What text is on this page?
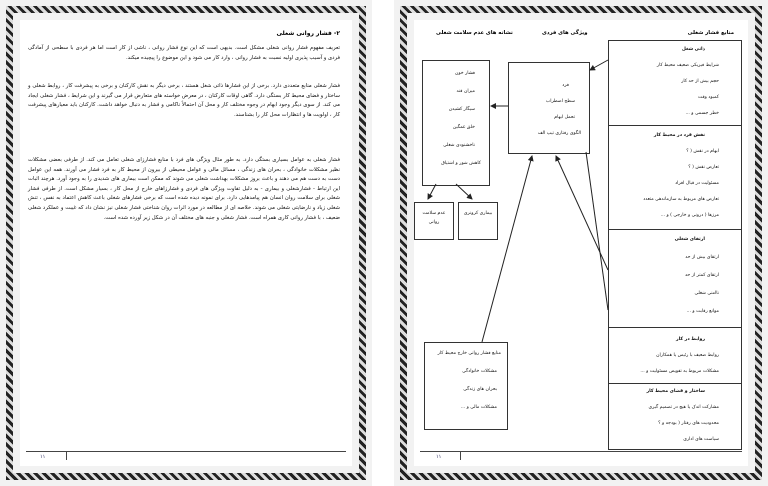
۲- فشار روانی شغلی
تعریف مفهوم فشار روانی شغلی مشکل است. بدیهی است که این نوع فشار روانی ، ناشی از کار است اما هر فردی با سطحی از آمادگی فردی و آسیب پذیری اولیه نسبت به فشار روانی ، وارد کار می شود و این موضوع را پیچیده میکند.
فشار شغلی منابع متعددی دارد. برخی از این فشارها ذاتی شغل هستند ، برخی دیگر به نقش کارکنان و برخی به پیشرفت کار ، روابط شغلی و ساختار و فضای محیط کار بستگی دارد. گاهی اوقات کارکنان ، در معرض خواسته های متعارض قرار می گیرند و این شرایط ، فشار شغلی ایجاد می کند. از سوی دیگر وجود ابهام در وجوه مختلف کار و محل آن احتمالاً ناکامی و فشار به دنبال خواهد داشت. کارکنان باید معیارهای پیشرفت کار ، اولویت ها و انتظارات محل کار را بشناسند.
فشار شغلی به عوامل بسیاری بستگی دارد. به طور مثال ویژگی های فرد با منابع فشارزای شغلی تعامل می کند. از طرفی بعضی مشکلات نظیر مشکلات خانوادگی ، بحران های زندگی ، مسائل مالی و عوامل محیطی از بیرون از محیط کار به فرد فشار می آورند. همه این عوامل دست به دست هم می دهند و باعث بروز مشکلات بهداشت شغلی می شوند که ممکن است بیماری های شدیدی را به وجود آورد. هرچند اثبات این ارتباط - فشارشغلی و بیماری - به دلیل تفاوت ویژگی های فردی و فشارزاهای خارج از محل کار ، بسیار مشکل است. از طرفی فشار شغلی برای سلامت روان انسان هم پیامدهایی دارد. برای نمونه دیده شده است که برخی فشارهای شغلی باعث کاهش اعتماد به نفس ، تنش شغلی زیاد و نارضایتی شغلی می شوند. خلاصه ای از مطالعه در مورد اثرات روان شناختی فشار شغلی نیز نشان داد که غیبت و عملکرد شغلی ضعیف ، با فشار روانی کاری همراه است. فشار شغلی و جنبه های مختلف آن در شکل زیر آورده شده است.
۱۱
منابع فشار شغلی
ویژگی های فردی
نشانه های عدم سلامت شغلی
ذاتی شغل
شرایط فیزیکی ضعیف محیط کار
حجم بیش از حد کار
کمبود وقت
خطر جسمی و ...
نقش فرد در محیط کار
ابهام در نقش ( ؟
تعارض نقش ( ؟
مسئولیت در قبال افراد
تعارض های مربوط به سازماندهی متعدد
مرزها ( درونی و خارجی ) و ...
ارتقای شغلی
ارتقای بیش از حد
ارتقای کمتر از حد
ناامنی شغلی
موانع رقابت و ...
روابط در کار
روابط ضعیف با رئیس یا همکاران
مشکلات مربوط به تفویض مسئولیت و ...
ساختار و فضای محیط کار
مشارکت اندک یا هیچ در تصمیم گیری
محدودیت های رفتار ( بودجه و ؟
سیاست های اداری
فرد
سطح اضطراب
تحمل ابهام
الگوی رفتاری تیپ الف
فشار خون
میزان قند
سیگار کشیدن
خلق غمگین
ناخشنودی شغلی
کاهش شور و اشتیاق
عدم سلامت روانی
بیماری کرونری
منابع فشار روانی خارج محیط کار
مشکلات خانوادگی
بحران های زندگی
مشکلات مالی و ...
۱۱
